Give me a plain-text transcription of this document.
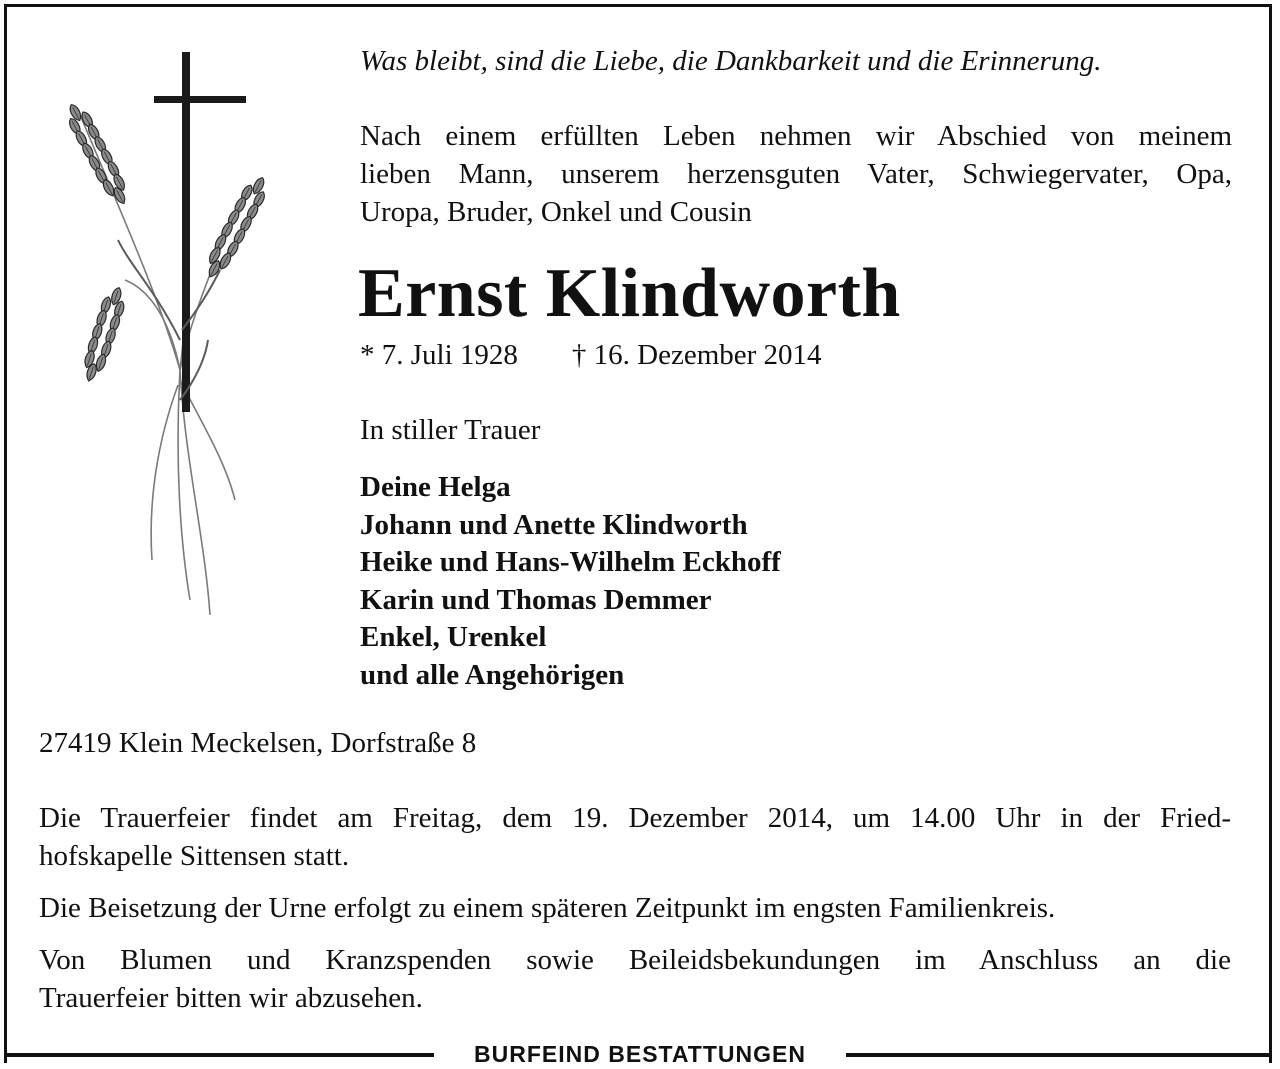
Was bleibt, sind die Liebe, die Dankbarkeit und die Erinnerung.

Nach einem erfüllten Leben nehmen wir Abschied von meinem
lieben Mann, unserem herzensguten Vater, Schwiegervater, Opa,
Uropa, Bruder, Onkel und Cousin

Ernst Klindworth

* 7. Juli 1928 † 16. Dezember 2014

In stiller Trauer

Deine Helga
Johann und Anette Klindworth
Heike und Hans-Wilhelm Eckhoff
Karin und Thomas Demmer
Enkel, Urenkel
und alle Angehörigen

27419 Klein Meckelsen, Dorfstraße 8

Die Trauerfeier findet am Freitag, dem 19. Dezember 2014, um 14.00 Uhr in der Fried-
hofskapelle Sittensen statt.

Die Beisetzung der Urne erfolgt zu einem späteren Zeitpunkt im engsten Familienkreis.

Von Blumen und Kranzspenden sowie Beileidsbekundungen im Anschluss an die
Trauerfeier bitten wir abzusehen.

BURFEIND BESTATTUNGEN
